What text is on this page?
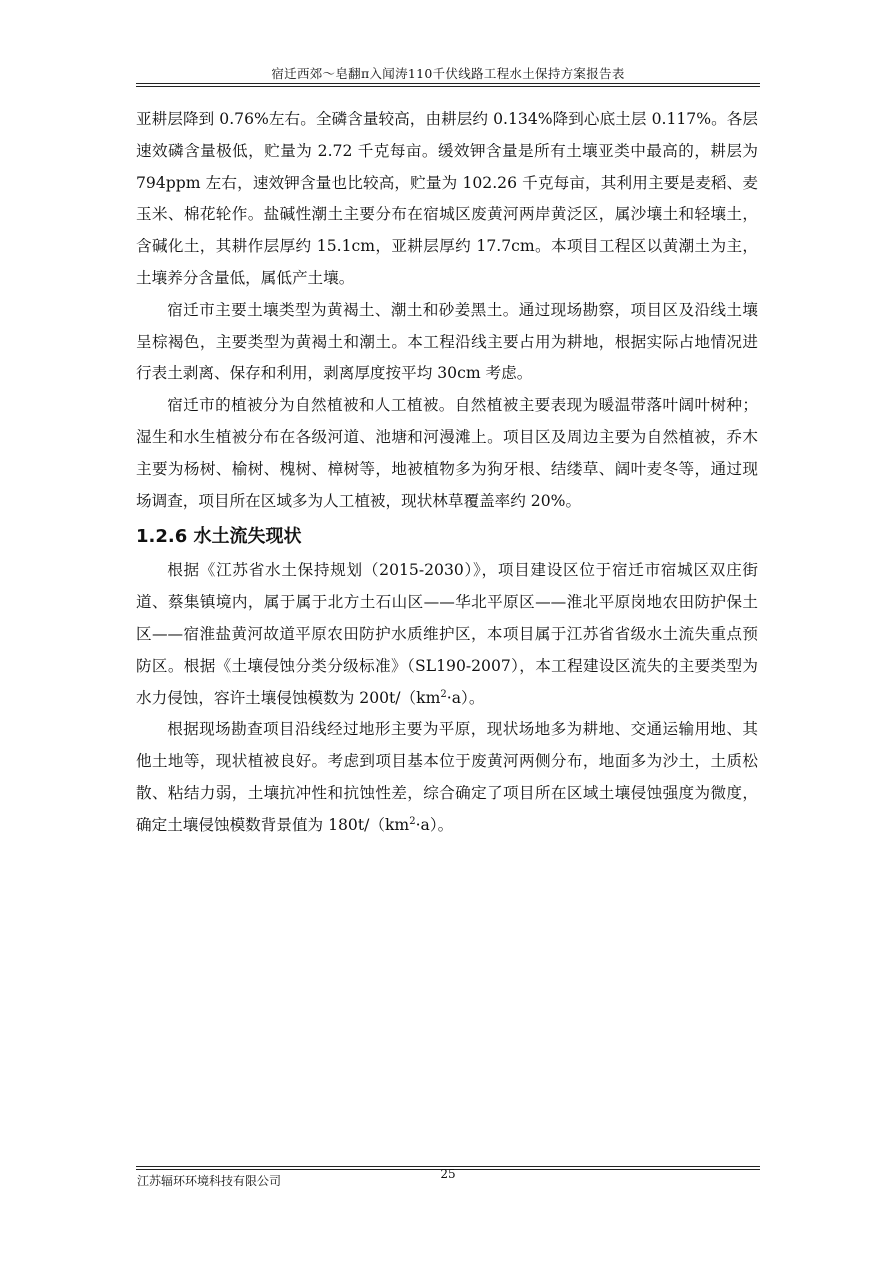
宿迁西郊～皂翻π入闻涛110千伏线路工程水土保持方案报告表

亚耕层降到 0.76%左右。全磷含量较高，由耕层约 0.134%降到心底土层 0.117%。各层速效磷含量极低，贮量为 2.72 千克每亩。缓效钾含量是所有土壤亚类中最高的，耕层为 794ppm 左右，速效钾含量也比较高，贮量为 102.26 千克每亩，其利用主要是麦稻、麦玉米、棉花轮作。盐碱性潮土主要分布在宿城区废黄河两岸黄泛区，属沙壤土和轻壤土，含碱化土，其耕作层厚约 15.1cm，亚耕层厚约 17.7cm。本项目工程区以黄潮土为主，土壤养分含量低，属低产土壤。

宿迁市主要土壤类型为黄褐土、潮土和砂姜黑土。通过现场勘察，项目区及沿线土壤呈棕褐色，主要类型为黄褐土和潮土。本工程沿线主要占用为耕地，根据实际占地情况进行表土剥离、保存和利用，剥离厚度按平均 30cm 考虑。

宿迁市的植被分为自然植被和人工植被。自然植被主要表现为暖温带落叶阔叶树种；湿生和水生植被分布在各级河道、池塘和河漫滩上。项目区及周边主要为自然植被，乔木主要为杨树、榆树、槐树、樟树等，地被植物多为狗牙根、结缕草、阔叶麦冬等，通过现场调查，项目所在区域多为人工植被，现状林草覆盖率约 20%。

1.2.6 水土流失现状

根据《江苏省水土保持规划（2015-2030）》，项目建设区位于宿迁市宿城区双庄街道、蔡集镇境内，属于属于北方土石山区——华北平原区——淮北平原岗地农田防护保土区——宿淮盐黄河故道平原农田防护水质维护区，本项目属于江苏省省级水土流失重点预防区。根据《土壤侵蚀分类分级标准》（SL190-2007），本工程建设区流失的主要类型为水力侵蚀，容许土壤侵蚀模数为 $200t/(km^2\cdot a)$。

根据现场勘查项目沿线经过地形主要为平原，现状场地多为耕地、交通运输用地、其他土地等，现状植被良好。考虑到项目基本位于废黄河两侧分布，地面多为沙土，土质松散、粘结力弱，土壤抗冲性和抗蚀性差，综合确定了项目所在区域土壤侵蚀强度为微度，确定土壤侵蚀模数背景值为 $180t/(km^2\cdot a)$。

江苏辐环环境科技有限公司	25
